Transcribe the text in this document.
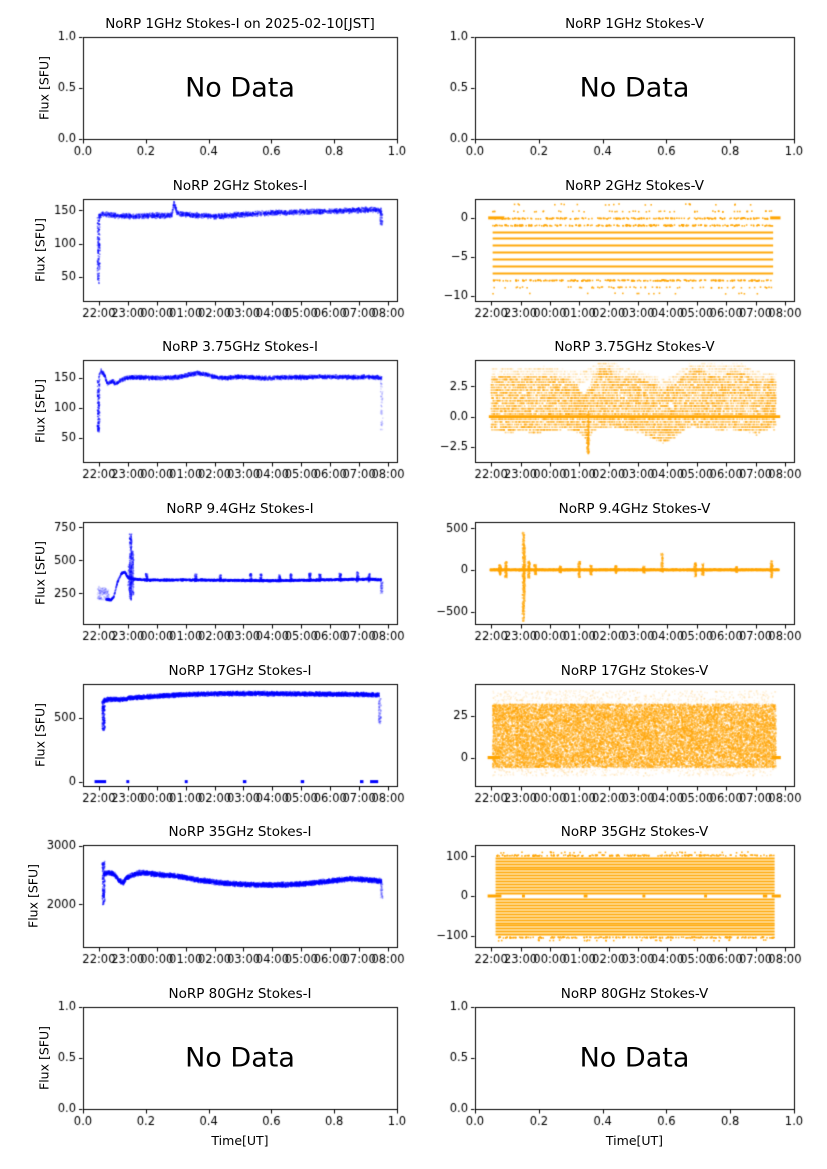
NoRP 1GHz Stokes-I on 2025-02-10[JST]
Flux [SFU]	No Data
NoRP 1GHz Stokes-V
No Data
NoRP 2GHz Stokes-I
Flux [SFU]
NoRP 2GHz Stokes-V
NoRP 3.75GHz Stokes-I
Flux [SFU]
NoRP 3.75GHz Stokes-V
NoRP 9.4GHz Stokes-I
Flux [SFU]
NoRP 9.4GHz Stokes-V
NoRP 17GHz Stokes-I
Flux [SFU]
NoRP 17GHz Stokes-V
NoRP 35GHz Stokes-I
Flux [SFU]
NoRP 35GHz Stokes-V
NoRP 80GHz Stokes-I
Flux [SFU]	No Data
Time[UT]
NoRP 80GHz Stokes-V
No Data
Time[UT]
